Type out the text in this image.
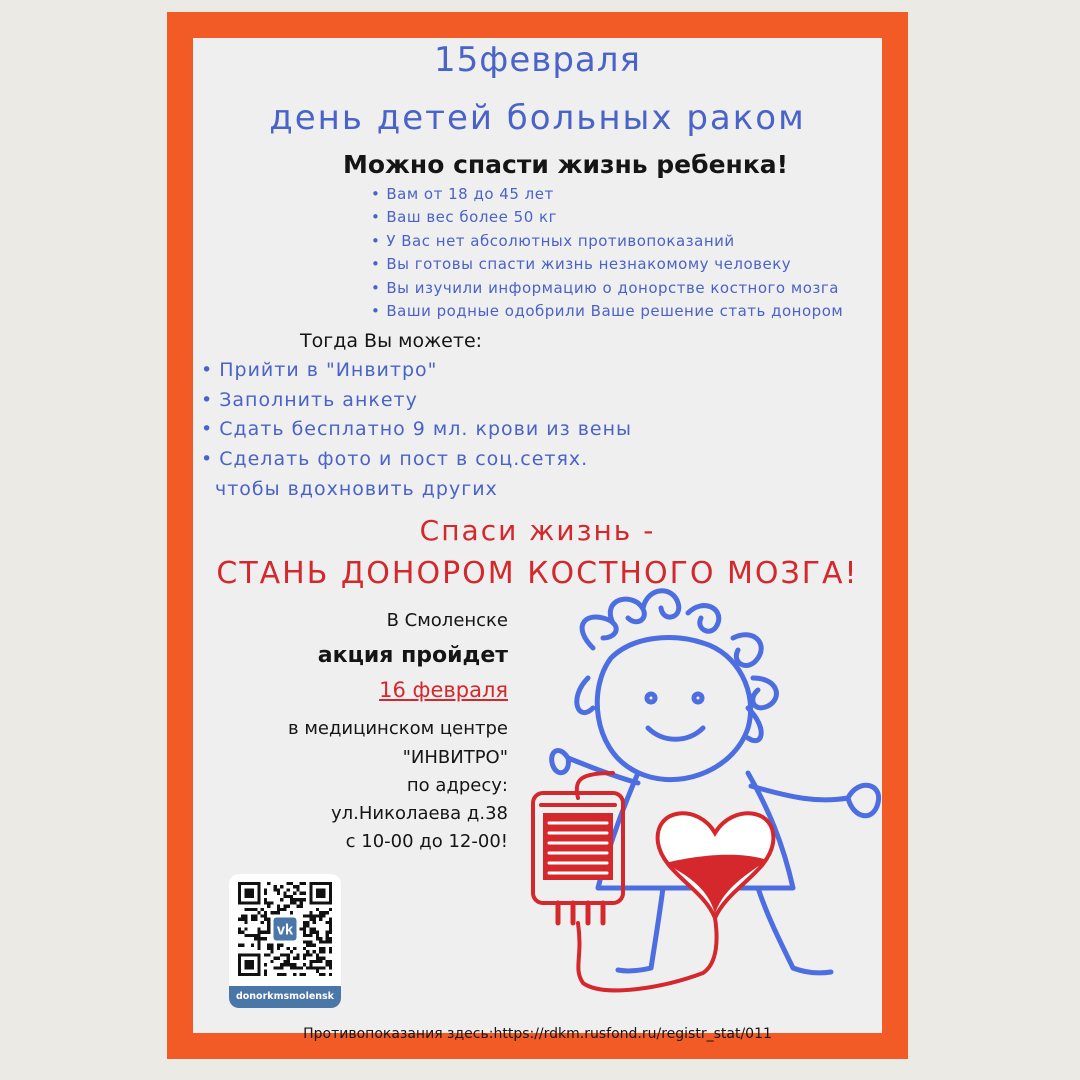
15февраля

день детей больных раком

Можно спасти жизнь ребенка!

• Вам от 18 до 45 лет
• Ваш вес более 50 кг
• У Вас нет абсолютных противопоказаний
• Вы готовы спасти жизнь незнакомому человеку
• Вы изучили информацию о донорстве костного мозга
• Ваши родные одобрили Ваше решение стать донором

Тогда Вы можете:

• Прийти в "Инвитро"
• Заполнить анкету
• Сдать бесплатно 9 мл. крови из вены
• Сделать фото и пост в соц.сетях.
чтобы вдохновить других

Спаси жизнь -

СТАНЬ ДОНОРОМ КОСТНОГО МОЗГА!

В Смоленске

акция пройдет

16 февраля

в медицинском центре

"ИНВИТРО"

по адресу:

ул.Николаева д.38

с 10-00 до 12-00!

vk
donorkmsmolensk

Противопоказания здесь:https://rdkm.rusfond.ru/registr_stat/011
